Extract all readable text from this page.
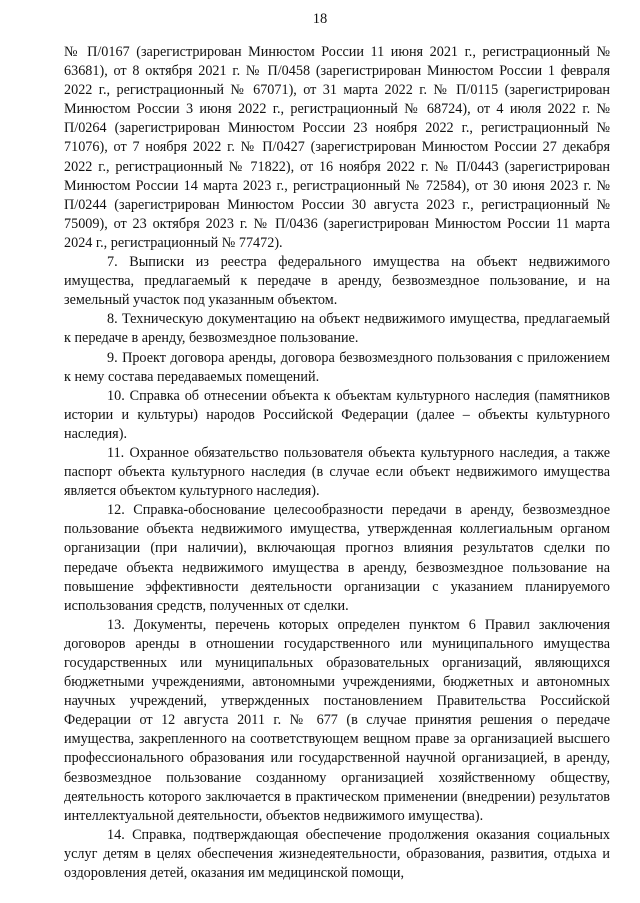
18

№ П/0167 (зарегистрирован Минюстом России 11 июня 2021 г., регистрационный № 63681), от 8 октября 2021 г. № П/0458 (зарегистрирован Минюстом России 1 февраля 2022 г., регистрационный № 67071), от 31 марта 2022 г. № П/0115 (зарегистрирован Минюстом России 3 июня 2022 г., регистрационный № 68724), от 4 июля 2022 г. № П/0264 (зарегистрирован Минюстом России 23 ноября 2022 г., регистрационный № 71076), от 7 ноября 2022 г. № П/0427 (зарегистрирован Минюстом России 27 декабря 2022 г., регистрационный № 71822), от 16 ноября 2022 г. № П/0443 (зарегистрирован Минюстом России 14 марта 2023 г., регистрационный № 72584), от 30 июня 2023 г. № П/0244 (зарегистрирован Минюстом России 30 августа 2023 г., регистрационный № 75009), от 23 октября 2023 г. № П/0436 (зарегистрирован Минюстом России 11 марта 2024 г., регистрационный № 77472).

7. Выписки из реестра федерального имущества на объект недвижимого имущества, предлагаемый к передаче в аренду, безвозмездное пользование, и на земельный участок под указанным объектом.

8. Техническую документацию на объект недвижимого имущества, предлагаемый к передаче в аренду, безвозмездное пользование.

9. Проект договора аренды, договора безвозмездного пользования с приложением к нему состава передаваемых помещений.

10. Справка об отнесении объекта к объектам культурного наследия (памятников истории и культуры) народов Российской Федерации (далее – объекты культурного наследия).

11. Охранное обязательство пользователя объекта культурного наследия, а также паспорт объекта культурного наследия (в случае если объект недвижимого имущества является объектом культурного наследия).

12. Справка-обоснование целесообразности передачи в аренду, безвозмездное пользование объекта недвижимого имущества, утвержденная коллегиальным органом организации (при наличии), включающая прогноз влияния результатов сделки по передаче объекта недвижимого имущества в аренду, безвозмездное пользование на повышение эффективности деятельности организации с указанием планируемого использования средств, полученных от сделки.

13. Документы, перечень которых определен пунктом 6 Правил заключения договоров аренды в отношении государственного или муниципального имущества государственных или муниципальных образовательных организаций, являющихся бюджетными учреждениями, автономными учреждениями, бюджетных и автономных научных учреждений, утвержденных постановлением Правительства Российской Федерации от 12 августа 2011 г. № 677 (в случае принятия решения о передаче имущества, закрепленного на соответствующем вещном праве за организацией высшего профессионального образования или государственной научной организацией, в аренду, безвозмездное пользование созданному организацией хозяйственному обществу, деятельность которого заключается в практическом применении (внедрении) результатов интеллектуальной деятельности, объектов недвижимого имущества).

14. Справка, подтверждающая обеспечение продолжения оказания социальных услуг детям в целях обеспечения жизнедеятельности, образования, развития, отдыха и оздоровления детей, оказания им медицинской помощи,
